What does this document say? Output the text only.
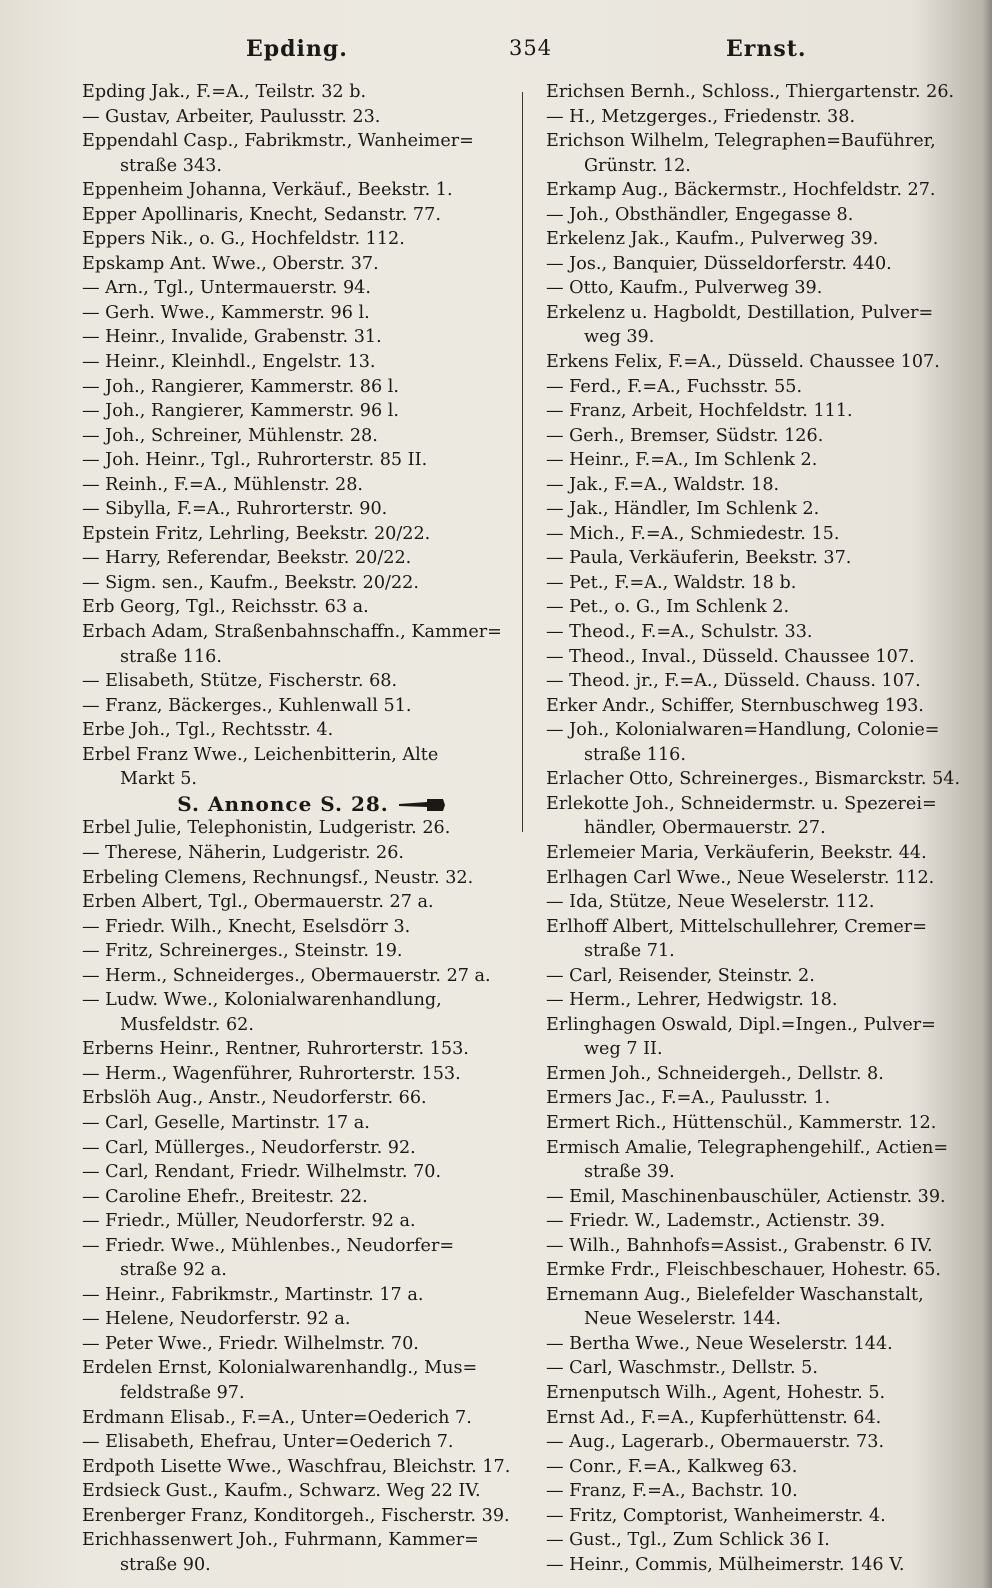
Epding.	354	Ernst.
Epding Jak., F.=A., Teilstr. 32 b.
— Gustav, Arbeiter, Paulusstr. 23.
Eppendahl Casp., Fabrikmstr., Wanheimer=
straße 343.
Eppenheim Johanna, Verkäuf., Beekstr. 1.
Epper Apollinaris, Knecht, Sedanstr. 77.
Eppers Nik., o. G., Hochfeldstr. 112.
Epskamp Ant. Wwe., Oberstr. 37.
— Arn., Tgl., Untermauerstr. 94.
— Gerh. Wwe., Kammerstr. 96 l.
— Heinr., Invalide, Grabenstr. 31.
— Heinr., Kleinhdl., Engelstr. 13.
— Joh., Rangierer, Kammerstr. 86 l.
— Joh., Rangierer, Kammerstr. 96 l.
— Joh., Schreiner, Mühlenstr. 28.
— Joh. Heinr., Tgl., Ruhrorterstr. 85 II.
— Reinh., F.=A., Mühlenstr. 28.
— Sibylla, F.=A., Ruhrorterstr. 90.
Epstein Fritz, Lehrling, Beekstr. 20/22.
— Harry, Referendar, Beekstr. 20/22.
— Sigm. sen., Kaufm., Beekstr. 20/22.
Erb Georg, Tgl., Reichsstr. 63 a.
Erbach Adam, Straßenbahnschaffn., Kammer=
straße 116.
— Elisabeth, Stütze, Fischerstr. 68.
— Franz, Bäckerges., Kuhlenwall 51.
Erbe Joh., Tgl., Rechtsstr. 4.
Erbel Franz Wwe., Leichenbitterin, Alte
Markt 5.
S. Annonce S. 28.
Erbel Julie, Telephonistin, Ludgeristr. 26.
— Therese, Näherin, Ludgeristr. 26.
Erbeling Clemens, Rechnungsf., Neustr. 32.
Erben Albert, Tgl., Obermauerstr. 27 a.
— Friedr. Wilh., Knecht, Eselsdörr 3.
— Fritz, Schreinerges., Steinstr. 19.
— Herm., Schneiderges., Obermauerstr. 27 a.
— Ludw. Wwe., Kolonialwarenhandlung,
Musfeldstr. 62.
Erberns Heinr., Rentner, Ruhrorterstr. 153.
— Herm., Wagenführer, Ruhrorterstr. 153.
Erbslöh Aug., Anstr., Neudorferstr. 66.
— Carl, Geselle, Martinstr. 17 a.
— Carl, Müllerges., Neudorferstr. 92.
— Carl, Rendant, Friedr. Wilhelmstr. 70.
— Caroline Ehefr., Breitestr. 22.
— Friedr., Müller, Neudorferstr. 92 a.
— Friedr. Wwe., Mühlenbes., Neudorfer=
straße 92 a.
— Heinr., Fabrikmstr., Martinstr. 17 a.
— Helene, Neudorferstr. 92 a.
— Peter Wwe., Friedr. Wilhelmstr. 70.
Erdelen Ernst, Kolonialwarenhandlg., Mus=
feldstraße 97.
Erdmann Elisab., F.=A., Unter=Oederich 7.
— Elisabeth, Ehefrau, Unter=Oederich 7.
Erdpoth Lisette Wwe., Waschfrau, Bleichstr. 17.
Erdsieck Gust., Kaufm., Schwarz. Weg 22 IV.
Erenberger Franz, Konditorgeh., Fischerstr. 39.
Erichhassenwert Joh., Fuhrmann, Kammer=
straße 90.
Erichsen Bernh., Schloss., Thiergartenstr. 26.
— H., Metzgerges., Friedenstr. 38.
Erichson Wilhelm, Telegraphen=Bauführer,
Grünstr. 12.
Erkamp Aug., Bäckermstr., Hochfeldstr. 27.
— Joh., Obsthändler, Engegasse 8.
Erkelenz Jak., Kaufm., Pulverweg 39.
— Jos., Banquier, Düsseldorferstr. 440.
— Otto, Kaufm., Pulverweg 39.
Erkelenz u. Hagboldt, Destillation, Pulver=
weg 39.
Erkens Felix, F.=A., Düsseld. Chaussee 107.
— Ferd., F.=A., Fuchsstr. 55.
— Franz, Arbeit, Hochfeldstr. 111.
— Gerh., Bremser, Südstr. 126.
— Heinr., F.=A., Im Schlenk 2.
— Jak., F.=A., Waldstr. 18.
— Jak., Händler, Im Schlenk 2.
— Mich., F.=A., Schmiedestr. 15.
— Paula, Verkäuferin, Beekstr. 37.
— Pet., F.=A., Waldstr. 18 b.
— Pet., o. G., Im Schlenk 2.
— Theod., F.=A., Schulstr. 33.
— Theod., Inval., Düsseld. Chaussee 107.
— Theod. jr., F.=A., Düsseld. Chauss. 107.
Erker Andr., Schiffer, Sternbuschweg 193.
— Joh., Kolonialwaren=Handlung, Colonie=
straße 116.
Erlacher Otto, Schreinerges., Bismarckstr. 54.
Erlekotte Joh., Schneidermstr. u. Spezerei=
händler, Obermauerstr. 27.
Erlemeier Maria, Verkäuferin, Beekstr. 44.
Erlhagen Carl Wwe., Neue Weselerstr. 112.
— Ida, Stütze, Neue Weselerstr. 112.
Erlhoff Albert, Mittelschullehrer, Cremer=
straße 71.
— Carl, Reisender, Steinstr. 2.
— Herm., Lehrer, Hedwigstr. 18.
Erlinghagen Oswald, Dipl.=Ingen., Pulver=
weg 7 II.
Ermen Joh., Schneidergeh., Dellstr. 8.
Ermers Jac., F.=A., Paulusstr. 1.
Ermert Rich., Hüttenschül., Kammerstr. 12.
Ermisch Amalie, Telegraphengehilf., Actien=
straße 39.
— Emil, Maschinenbauschüler, Actienstr. 39.
— Friedr. W., Lademstr., Actienstr. 39.
— Wilh., Bahnhofs=Assist., Grabenstr. 6 IV.
Ermke Frdr., Fleischbeschauer, Hohestr. 65.
Ernemann Aug., Bielefelder Waschanstalt,
Neue Weselerstr. 144.
— Bertha Wwe., Neue Weselerstr. 144.
— Carl, Waschmstr., Dellstr. 5.
Ernenputsch Wilh., Agent, Hohestr. 5.
Ernst Ad., F.=A., Kupferhüttenstr. 64.
— Aug., Lagerarb., Obermauerstr. 73.
— Conr., F.=A., Kalkweg 63.
— Franz, F.=A., Bachstr. 10.
— Fritz, Comptorist, Wanheimerstr. 4.
— Gust., Tgl., Zum Schlick 36 I.
— Heinr., Commis, Mülheimerstr. 146 V.
